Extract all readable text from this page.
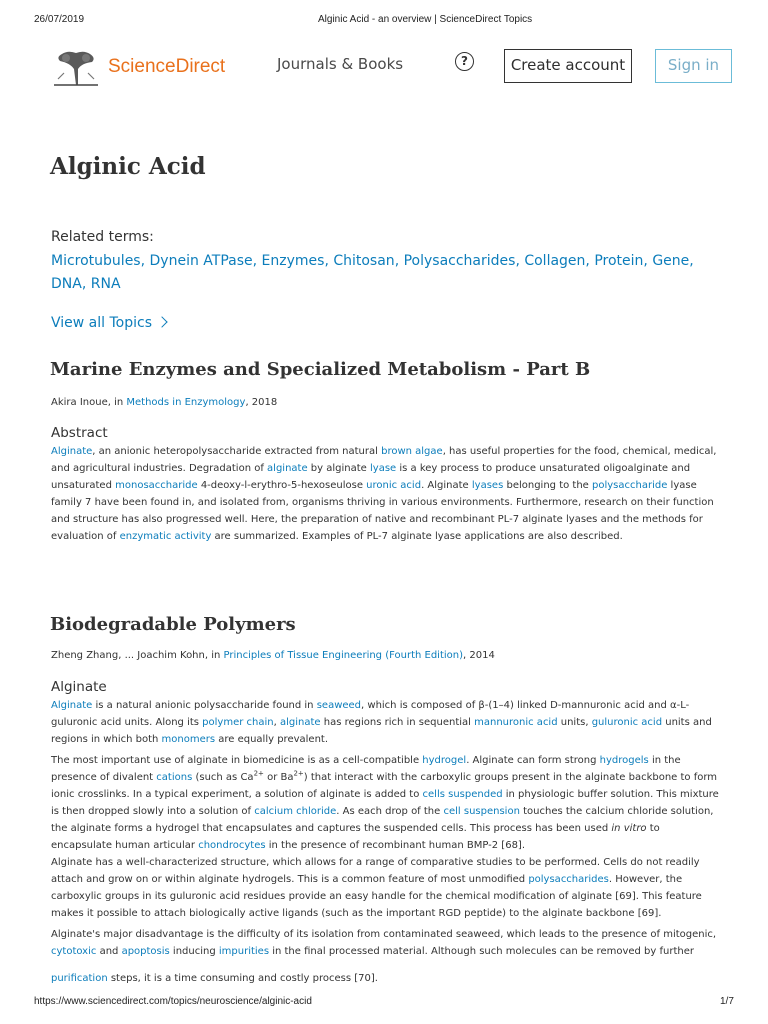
26/07/2019	Alginic Acid - an overview | ScienceDirect Topics
ScienceDirect	Journals & Books	?	Create account	Sign in
Alginic Acid
Related terms:
Microtubules, Dynein ATPase, Enzymes, Chitosan, Polysaccharides, Collagen, Protein, Gene, DNA, RNA
View all Topics
Marine Enzymes and Specialized Metabolism - Part B
Akira Inoue, in Methods in Enzymology, 2018
Abstract
Alginate, an anionic heteropolysaccharide extracted from natural brown algae, has useful properties for the food, chemical, medical, and agricultural industries. Degradation of alginate by alginate lyase is a key process to produce unsaturated oligoalginate and unsaturated monosaccharide 4-deoxy-l-erythro-5-hexoseulose uronic acid. Alginate lyases belonging to the polysaccharide lyase family 7 have been found in, and isolated from, organisms thriving in various environments. Furthermore, research on their function and structure has also progressed well. Here, the preparation of native and recombinant PL-7 alginate lyases and the methods for evaluation of enzymatic activity are summarized. Examples of PL-7 alginate lyase applications are also described.
Biodegradable Polymers
Zheng Zhang, ... Joachim Kohn, in Principles of Tissue Engineering (Fourth Edition), 2014
Alginate
Alginate is a natural anionic polysaccharide found in seaweed, which is composed of β-(1–4) linked D-mannuronic acid and α-L-guluronic acid units. Along its polymer chain, alginate has regions rich in sequential mannuronic acid units, guluronic acid units and regions in which both monomers are equally prevalent.
The most important use of alginate in biomedicine is as a cell-compatible hydrogel. Alginate can form strong hydrogels in the presence of divalent cations (such as $Ca^{2+}$ or $Ba^{2+}$) that interact with the carboxylic groups present in the alginate backbone to form ionic crosslinks. In a typical experiment, a solution of alginate is added to cells suspended in physiologic buffer solution. This mixture is then dropped slowly into a solution of calcium chloride. As each drop of the cell suspension touches the calcium chloride solution, the alginate forms a hydrogel that encapsulates and captures the suspended cells. This process has been used in vitro to encapsulate human articular chondrocytes in the presence of recombinant human BMP-2 [68].
Alginate has a well-characterized structure, which allows for a range of comparative studies to be performed. Cells do not readily attach and grow on or within alginate hydrogels. This is a common feature of most unmodified polysaccharides. However, the carboxylic groups in its guluronic acid residues provide an easy handle for the chemical modification of alginate [69]. This feature makes it possible to attach biologically active ligands (such as the important RGD peptide) to the alginate backbone [69].
Alginate's major disadvantage is the difficulty of its isolation from contaminated seaweed, which leads to the presence of mitogenic, cytotoxic and apoptosis inducing impurities in the final processed material. Although such molecules can be removed by further
purification steps, it is a time consuming and costly process [70].
https://www.sciencedirect.com/topics/neuroscience/alginic-acid	1/7
